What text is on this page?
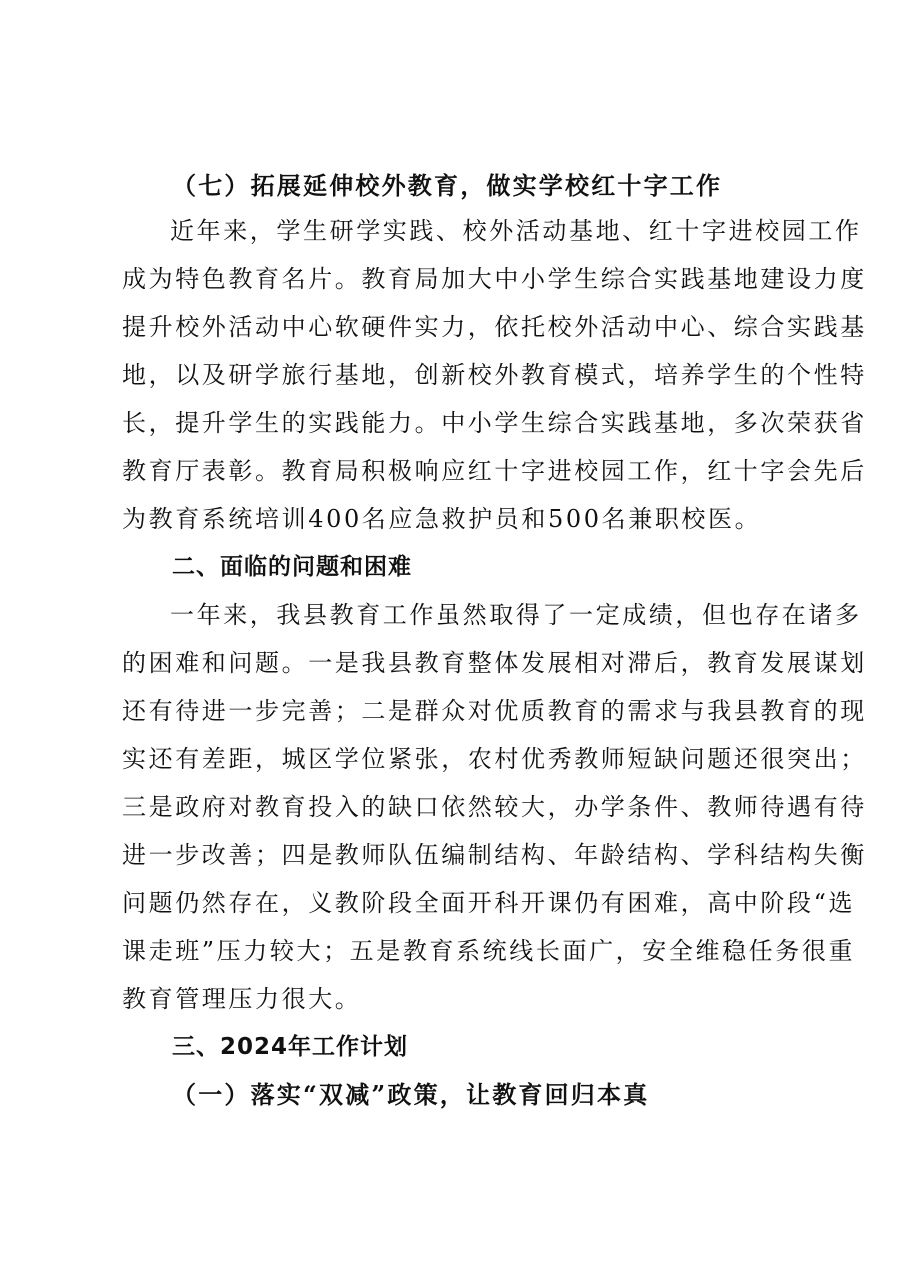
（七）拓展延伸校外教育，做实学校红十字工作
近年来，学生研学实践、校外活动基地、红十字进校园工作
成为特色教育名片。教育局加大中小学生综合实践基地建设力度
提升校外活动中心软硬件实力，依托校外活动中心、综合实践基
地，以及研学旅行基地，创新校外教育模式，培养学生的个性特
长，提升学生的实践能力。中小学生综合实践基地，多次荣获省
教育厅表彰。教育局积极响应红十字进校园工作，红十字会先后
为教育系统培训400名应急救护员和500名兼职校医。
二、面临的问题和困难
一年来，我县教育工作虽然取得了一定成绩，但也存在诸多
的困难和问题。一是我县教育整体发展相对滞后，教育发展谋划
还有待进一步完善；二是群众对优质教育的需求与我县教育的现
实还有差距，城区学位紧张，农村优秀教师短缺问题还很突出；
三是政府对教育投入的缺口依然较大，办学条件、教师待遇有待
进一步改善；四是教师队伍编制结构、年龄结构、学科结构失衡
问题仍然存在，义教阶段全面开科开课仍有困难，高中阶段“选
课走班”压力较大；五是教育系统线长面广，安全维稳任务很重
教育管理压力很大。
三、2024年工作计划
（一）落实“双减”政策，让教育回归本真
